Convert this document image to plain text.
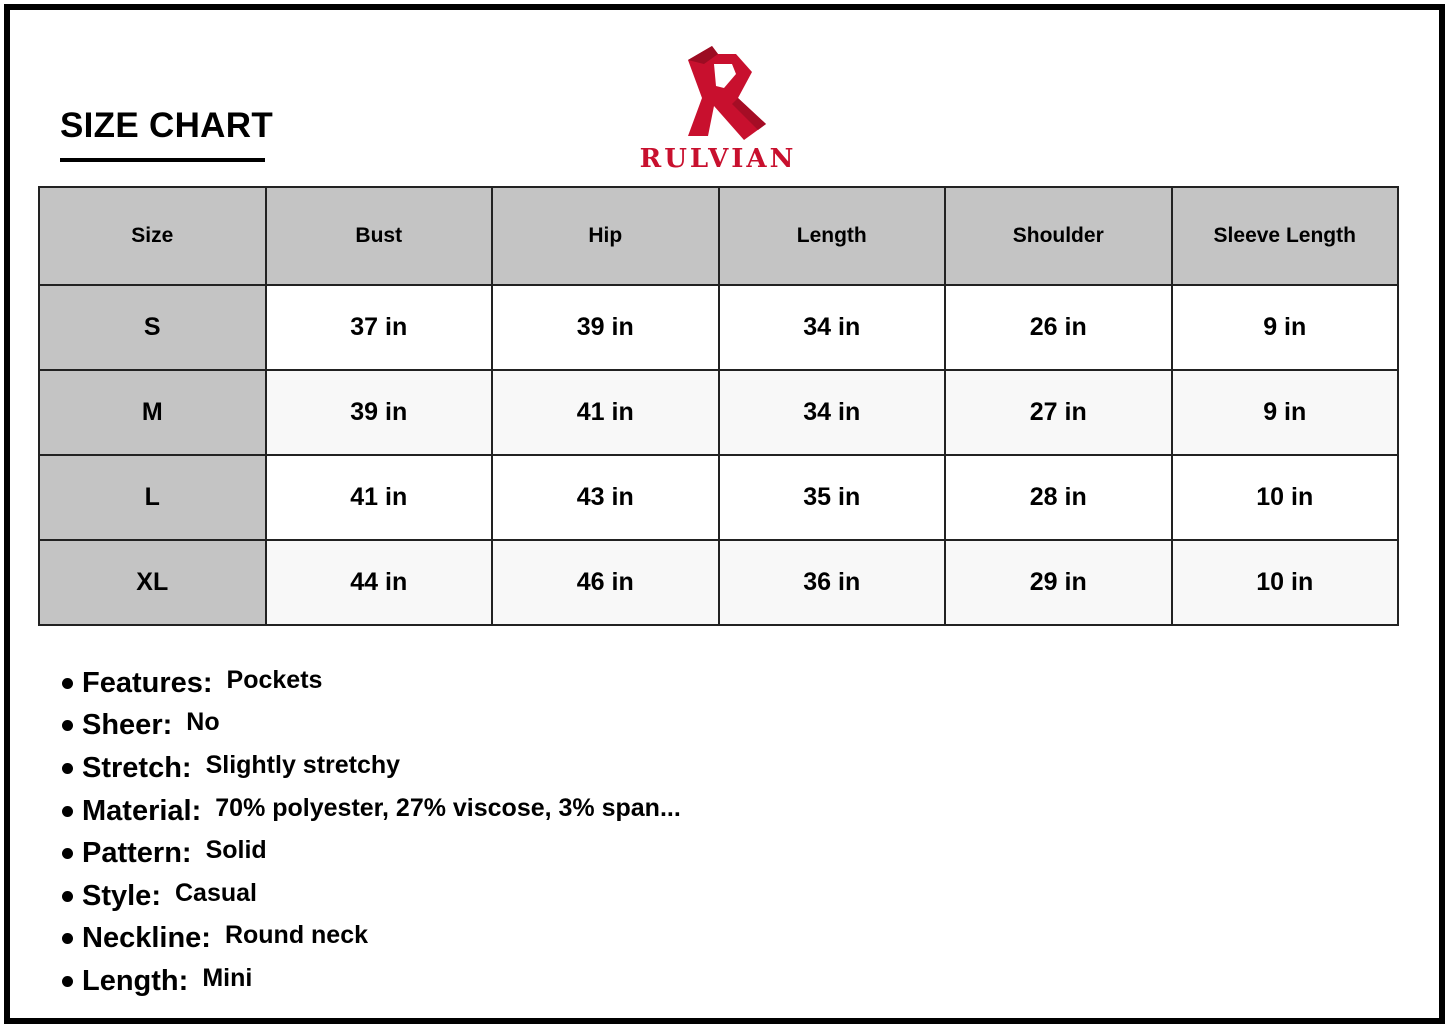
SIZE CHART
RULVIAN
Size	Bust	Hip	Length	Shoulder	Sleeve Length
S	37 in	39 in	34 in	26 in	9 in
M	39 in	41 in	34 in	27 in	9 in
L	41 in	43 in	35 in	28 in	10 in
XL	44 in	46 in	36 in	29 in	10 in
Features: Pockets
Sheer: No
Stretch: Slightly stretchy
Material: 70% polyester, 27% viscose, 3% span...
Pattern: Solid
Style: Casual
Neckline: Round neck
Length: Mini
